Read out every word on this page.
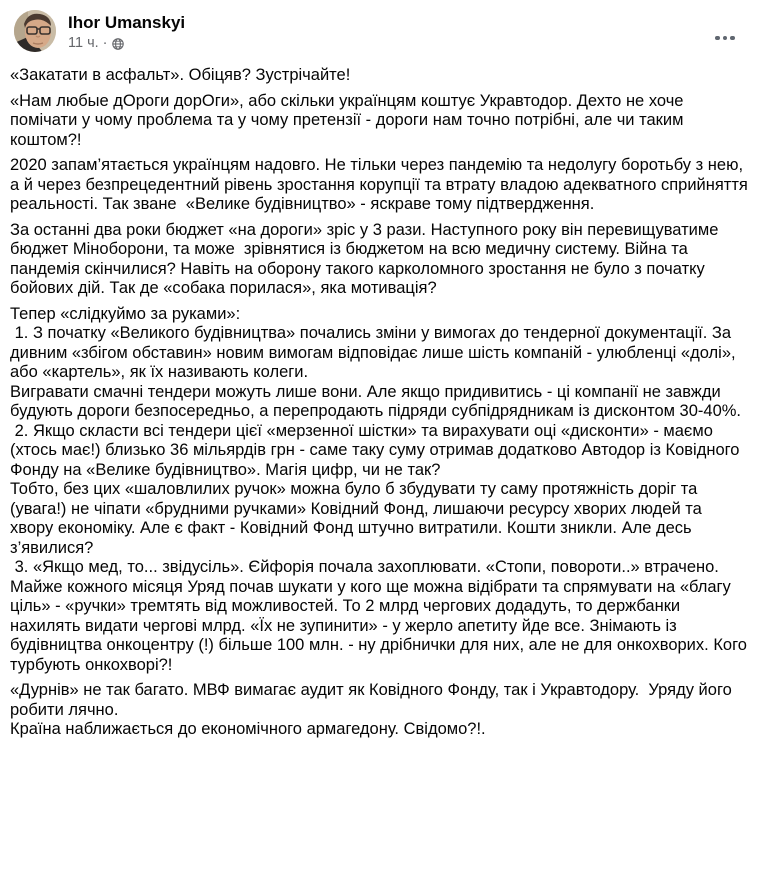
Ihor Umanskyi
11 ч. ·
«Закатати в асфальт». Обіцяв? Зустрічайте!
«Нам любые дОроги дорОги», або скільки українцям коштує Укравтодор. Дехто не хоче помічати у чому проблема та у чому претензії - дороги нам точно потрібні, але чи таким коштом?!
2020 запам’ятається українцям надовго. Не тільки через пандемію та недолугу боротьбу з нею, а й через безпрецедентний рівень зростання корупції та втрату владою адекватного сприйняття реальності. Так зване  «Велике будівництво» - яскраве тому підтвердження.
За останні два роки бюджет «на дороги» зріс у 3 рази. Наступного року він перевищуватиме бюджет Міноборони, та може  зрівнятися із бюджетом на всю медичну систему. Війна та пандемія скінчилися? Навіть на оборону такого карколомного зростання не було з початку бойових дій. Так де «собака порилася», яка мотивація?
Тепер «слідкуймо за руками»:
1. З початку «Великого будівництва» почались зміни у вимогах до тендерної документації. За дивним «збігом обставин» новим вимогам відповідає лише шість компаній - улюбленці «долі», або «картель», як їх називають колеги.
Вигравати смачні тендери можуть лише вони. Але якщо придивитись - ці компанії не завжди будують дороги безпосередньо, а перепродають підряди субпідрядникам із дисконтом 30-40%.
2. Якщо скласти всі тендери цієї «мерзенної шістки» та вирахувати оці «дисконти» - маємо (хтось має!) близько 36 мільярдів грн - саме таку суму отримав додатково Автодор із Ковідного Фонду на «Велике будівництво». Магія цифр, чи не так?
Тобто, без цих «шаловлилих ручок» можна було б збудувати ту саму протяжність доріг та (увага!) не чіпати «брудними ручками» Ковідний Фонд, лишаючи ресурсу хворих людей та хвору економіку. Але є факт - Ковідний Фонд штучно витратили. Кошти зникли. Але десь з’явилися?
3. «Якщо мед, то... звідусіль». Єйфорія почала захоплювати. «Стопи, повороти..» втрачено. Майже кожного місяця Уряд почав шукати у кого ще можна відібрати та спрямувати на «благу ціль» - «ручки» тремтять від можливостей. То 2 млрд чергових додадуть, то держбанки нахилять видати чергові млрд. «Їх не зупинити» - у жерло апетиту йде все. Знімають із будівництва онкоцентру (!) більше 100 млн. - ну дрібнички для них, але не для онкохворих. Кого турбують онкохворі?!
«Дурнів» не так багато. МВФ вимагає аудит як Ковідного Фонду, так і Укравтодору.  Уряду його робити лячно.
Країна наближається до економічного армагедону. Свідомо?!.
